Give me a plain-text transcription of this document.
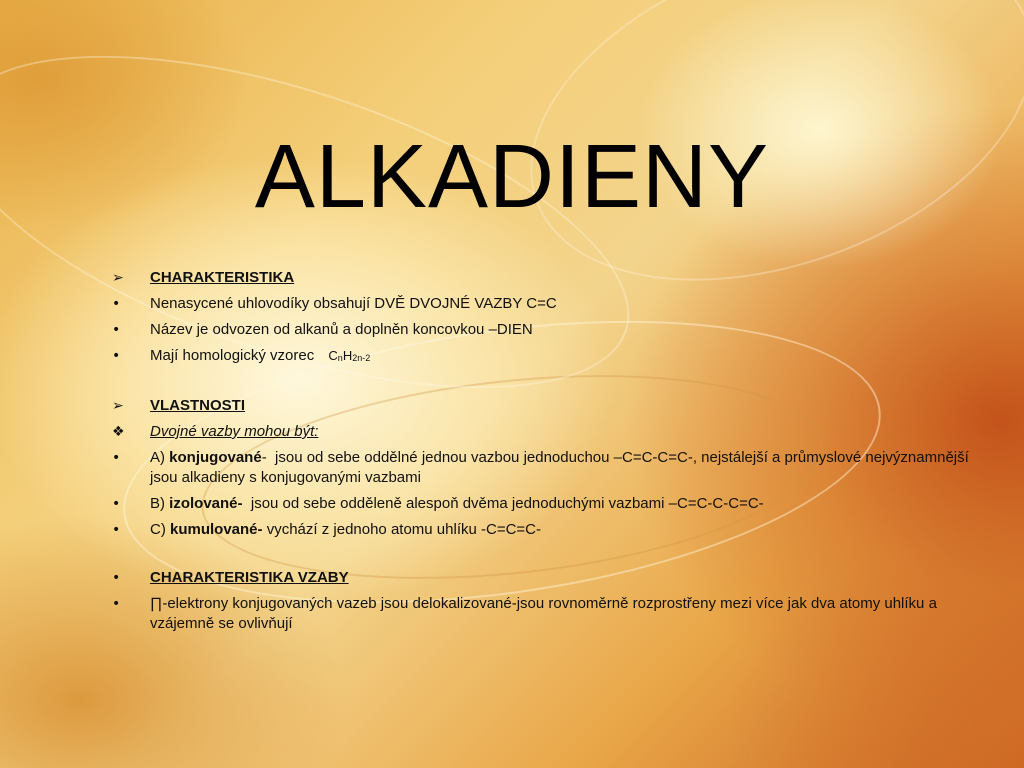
ALKADIENY
➢	CHARAKTERISTIKA
•	Nenasycené uhlovodíky obsahují DVĚ DVOJNÉ VAZBY C=C
•	Název je odvozen od alkanů a doplněn koncovkou –DIEN
•	Mají homologický vzorec $C_nH_{2n-2}$
➢	VLASTNOSTI
❖	Dvojné vazby mohou být:
•	A) konjugované- jsou od sebe oddělné jednou vazbou jednoduchou –C=C-C=C-, nejstálejší a průmyslové nejvýznamnější jsou alkadieny s konjugovanými vazbami
•	B) izolované- jsou od sebe odděleně alespoň dvěma jednoduchými vazbami –C=C-C-C=C-
•	C) kumulované- vychází z jednoho atomu uhlíku -C=C=C-
•	CHARAKTERISTIKA VZABY
•	∏-elektrony konjugovaných vazeb jsou delokalizované-jsou rovnoměrně rozprostřeny mezi více jak dva atomy uhlíku a vzájemně se ovlivňují
